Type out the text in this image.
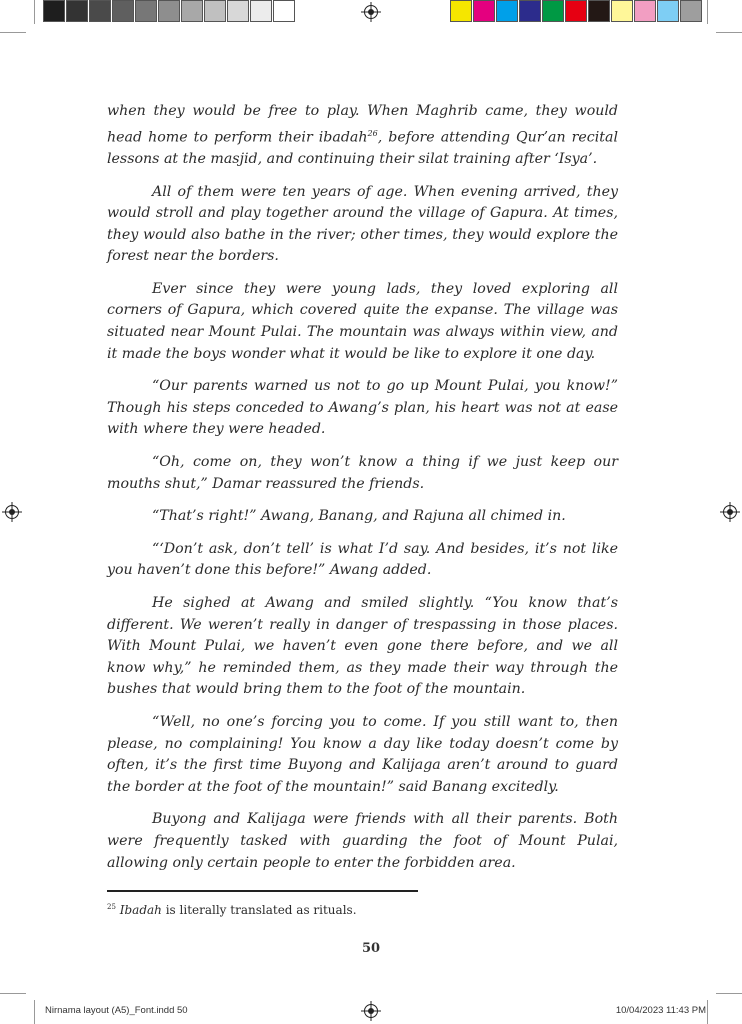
when they would be free to play. When Maghrib came, they would head home to perform their ibadah$^{26}$, before attending Qur’an recital lessons at the masjid, and continuing their silat training after ‘Isya’.

All of them were ten years of age. When evening arrived, they would stroll and play together around the village of Gapura. At times, they would also bathe in the river; other times, they would explore the forest near the borders.

Ever since they were young lads, they loved exploring all corners of Gapura, which covered quite the expanse. The village was situated near Mount Pulai. The mountain was always within view, and it made the boys wonder what it would be like to explore it one day.

“Our parents warned us not to go up Mount Pulai, you know!” Though his steps conceded to Awang’s plan, his heart was not at ease with where they were headed.

“Oh, come on, they won’t know a thing if we just keep our mouths shut,” Damar reassured the friends.

“That’s right!” Awang, Banang, and Rajuna all chimed in.

“‘Don’t ask, don’t tell’ is what I’d say. And besides, it’s not like you haven’t done this before!” Awang added.

He sighed at Awang and smiled slightly. “You know that’s different. We weren’t really in danger of trespassing in those places. With Mount Pulai, we haven’t even gone there before, and we all know why,” he reminded them, as they made their way through the bushes that would bring them to the foot of the mountain.

“Well, no one’s forcing you to come. If you still want to, then please, no complaining! You know a day like today doesn’t come by often, it’s the first time Buyong and Kalijaga aren’t around to guard the border at the foot of the mountain!” said Banang excitedly.

Buyong and Kalijaga were friends with all their parents. Both were frequently tasked with guarding the foot of Mount Pulai, allowing only certain people to enter the forbidden area.

$^{25}$ Ibadah is literally translated as rituals.
50
Nirnama layout (A5)_Font.indd 50	10/04/2023 11:43 PM
